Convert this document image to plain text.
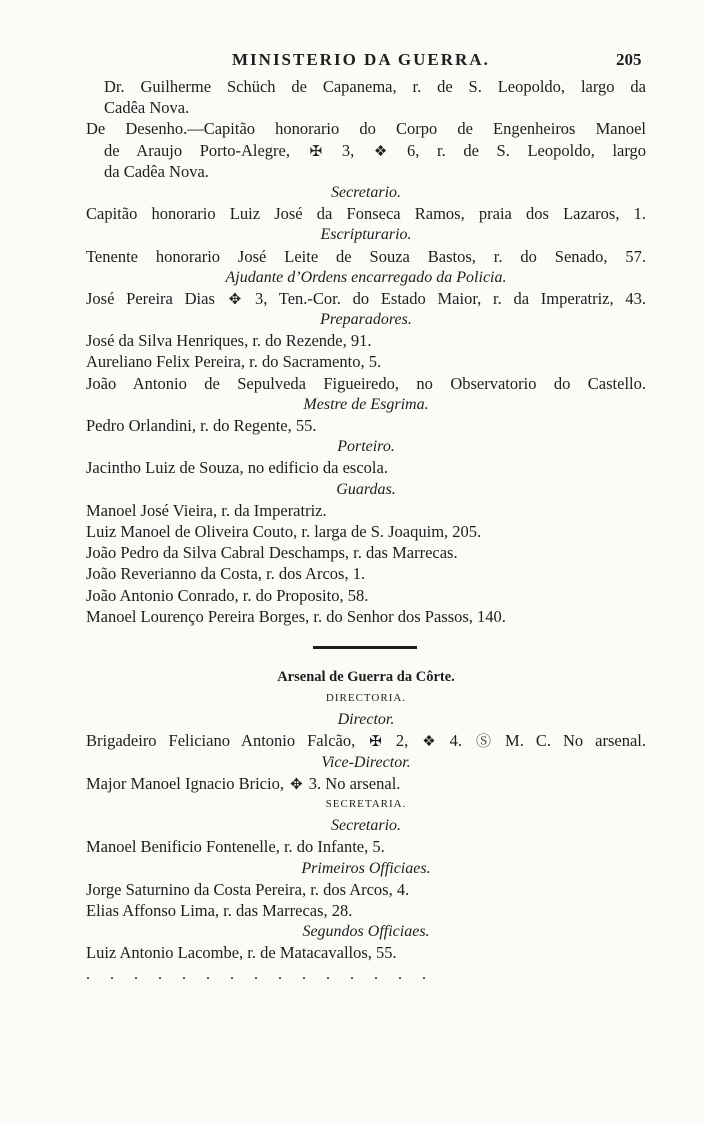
MINISTERIO DA GUERRA.	205
Dr. Guilherme Schüch de Capanema, r. de S. Leopoldo, largo da
Cadêa Nova.
De Desenho.—Capitão honorario do Corpo de Engenheiros Manoel
de Araujo Porto-Alegre, ✠ 3, ❖ 6, r. de S. Leopoldo, largo
da Cadêa Nova.
Secretario.
Capitão honorario Luiz José da Fonseca Ramos, praia dos Lazaros, 1.
Escripturario.
Tenente honorario José Leite de Souza Bastos, r. do Senado, 57.
Ajudante d’Ordens encarregado da Policia.
José Pereira Dias ✥ 3, Ten.-Cor. do Estado Maior, r. da Imperatriz, 43.
Preparadores.
José da Silva Henriques, r. do Rezende, 91.
Aureliano Felix Pereira, r. do Sacramento, 5.
João Antonio de Sepulveda Figueiredo, no Observatorio do Castello.
Mestre de Esgrima.
Pedro Orlandini, r. do Regente, 55.
Porteiro.
Jacintho Luiz de Souza, no edificio da escola.
Guardas.
Manoel José Vieira, r. da Imperatriz.
Luiz Manoel de Oliveira Couto, r. larga de S. Joaquim, 205.
João Pedro da Silva Cabral Deschamps, r. das Marrecas.
João Reverianno da Costa, r. dos Arcos, 1.
João Antonio Conrado, r. do Proposito, 58.
Manoel Lourenço Pereira Borges, r. do Senhor dos Passos, 140.
Arsenal de Guerra da Côrte.
DIRECTORIA.
Director.
Brigadeiro Feliciano Antonio Falcão, ✠ 2, ❖ 4. Ⓢ M. C. No arsenal.
Vice-Director.
Major Manoel Ignacio Bricio, ✥ 3. No arsenal.
SECRETARIA.
Secretario.
Manoel Benificio Fontenelle, r. do Infante, 5.
Primeiros Officiaes.
Jorge Saturnino da Costa Pereira, r. dos Arcos, 4.
Elias Affonso Lima, r. das Marrecas, 28.
Segundos Officiaes.
Luiz Antonio Lacombe, r. de Matacavallos, 55.
...............
